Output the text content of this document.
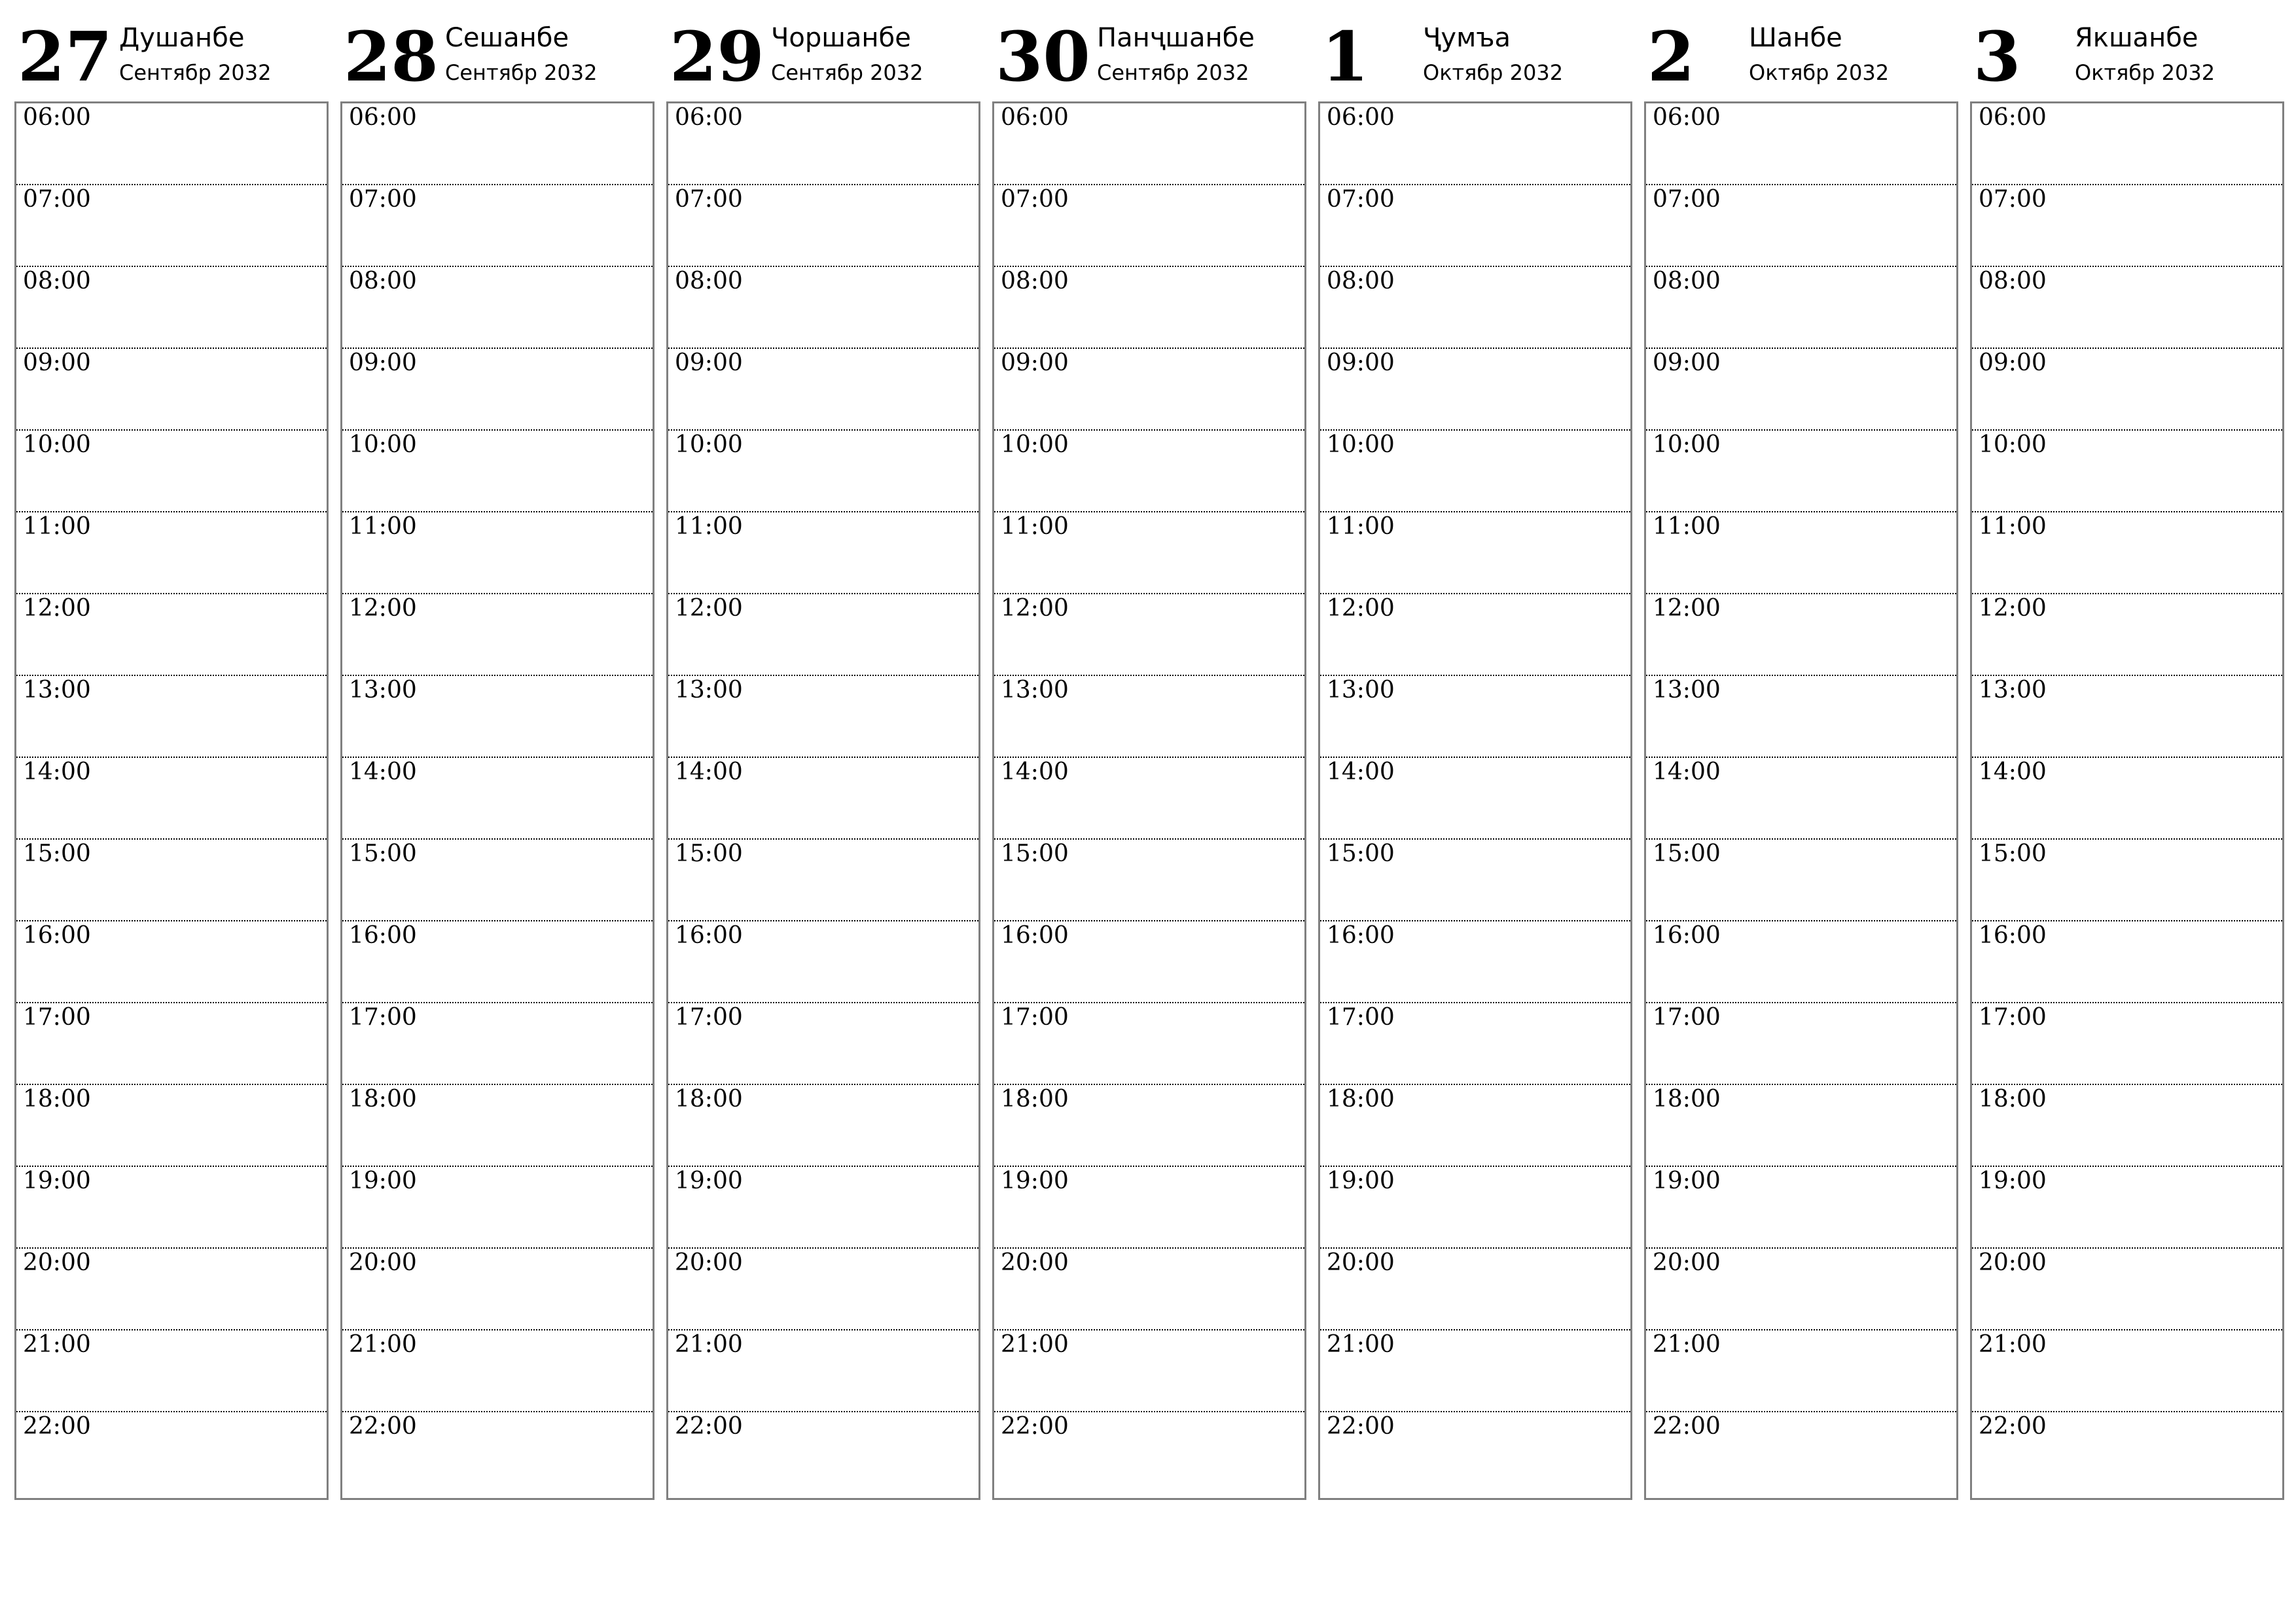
27 Душанбе
Сентябр 2032
06:00
07:00
08:00
09:00
10:00
11:00
12:00
13:00
14:00
15:00
16:00
17:00
18:00
19:00
20:00
21:00
22:00
28 Сешанбе
Сентябр 2032
06:00
07:00
08:00
09:00
10:00
11:00
12:00
13:00
14:00
15:00
16:00
17:00
18:00
19:00
20:00
21:00
22:00
29 Чоршанбе
Сентябр 2032
06:00
07:00
08:00
09:00
10:00
11:00
12:00
13:00
14:00
15:00
16:00
17:00
18:00
19:00
20:00
21:00
22:00
30 Панҷшанбе
Сентябр 2032
06:00
07:00
08:00
09:00
10:00
11:00
12:00
13:00
14:00
15:00
16:00
17:00
18:00
19:00
20:00
21:00
22:00
1 Ҷумъа
Октябр 2032
06:00
07:00
08:00
09:00
10:00
11:00
12:00
13:00
14:00
15:00
16:00
17:00
18:00
19:00
20:00
21:00
22:00
2 Шанбе
Октябр 2032
06:00
07:00
08:00
09:00
10:00
11:00
12:00
13:00
14:00
15:00
16:00
17:00
18:00
19:00
20:00
21:00
22:00
3 Якшанбе
Октябр 2032
06:00
07:00
08:00
09:00
10:00
11:00
12:00
13:00
14:00
15:00
16:00
17:00
18:00
19:00
20:00
21:00
22:00
